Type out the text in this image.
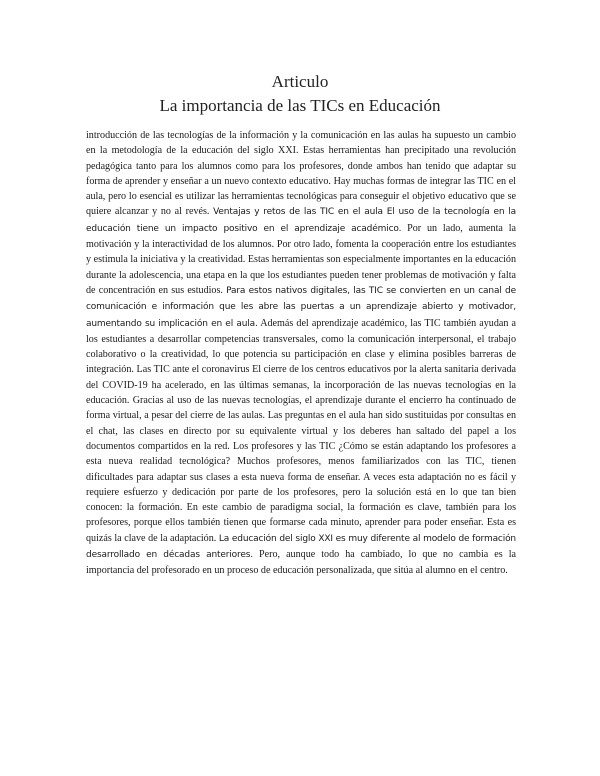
Articulo
La importancia de las TICs en Educación

introducción de las tecnologías de la información y la comunicación en las aulas ha supuesto un cambio en la metodología de la educación del siglo XXI. Estas herramientas han precipitado una revolución pedagógica tanto para los alumnos como para los profesores, donde ambos han tenido que adaptar su forma de aprender y enseñar a un nuevo contexto educativo. Hay muchas formas de integrar las TIC en el aula, pero lo esencial es utilizar las herramientas tecnológicas para conseguir el objetivo educativo que se quiere alcanzar y no al revés. Ventajas y retos de las TIC en el aula El uso de la tecnología en la educación tiene un impacto positivo en el aprendizaje académico. Por un lado, aumenta la motivación y la interactividad de los alumnos. Por otro lado, fomenta la cooperación entre los estudiantes y estimula la iniciativa y la creatividad. Estas herramientas son especialmente importantes en la educación durante la adolescencia, una etapa en la que los estudiantes pueden tener problemas de motivación y falta de concentración en sus estudios. Para estos nativos digitales, las TIC se convierten en un canal de comunicación e información que les abre las puertas a un aprendizaje abierto y motivador, aumentando su implicación en el aula. Además del aprendizaje académico, las TIC también ayudan a los estudiantes a desarrollar competencias transversales, como la comunicación interpersonal, el trabajo colaborativo o la creatividad, lo que potencia su participación en clase y elimina posibles barreras de integración. Las TIC ante el coronavirus El cierre de los centros educativos por la alerta sanitaria derivada del COVID-19 ha acelerado, en las últimas semanas, la incorporación de las nuevas tecnologías en la educación. Gracias al uso de las nuevas tecnologías, el aprendizaje durante el encierro ha continuado de forma virtual, a pesar del cierre de las aulas. Las preguntas en el aula han sido sustituidas por consultas en el chat, las clases en directo por su equivalente virtual y los deberes han saltado del papel a los documentos compartidos en la red. Los profesores y las TIC ¿Cómo se están adaptando los profesores a esta nueva realidad tecnológica? Muchos profesores, menos familiarizados con las TIC, tienen dificultades para adaptar sus clases a esta nueva forma de enseñar. A veces esta adaptación no es fácil y requiere esfuerzo y dedicación por parte de los profesores, pero la solución está en lo que tan bien conocen: la formación. En este cambio de paradigma social, la formación es clave, también para los profesores, porque ellos también tienen que formarse cada minuto, aprender para poder enseñar. Esta es quizás la clave de la adaptación. La educación del siglo XXI es muy diferente al modelo de formación desarrollado en décadas anteriores. Pero, aunque todo ha cambiado, lo que no cambia es la importancia del profesorado en un proceso de educación personalizada, que sitúa al alumno en el centro.
